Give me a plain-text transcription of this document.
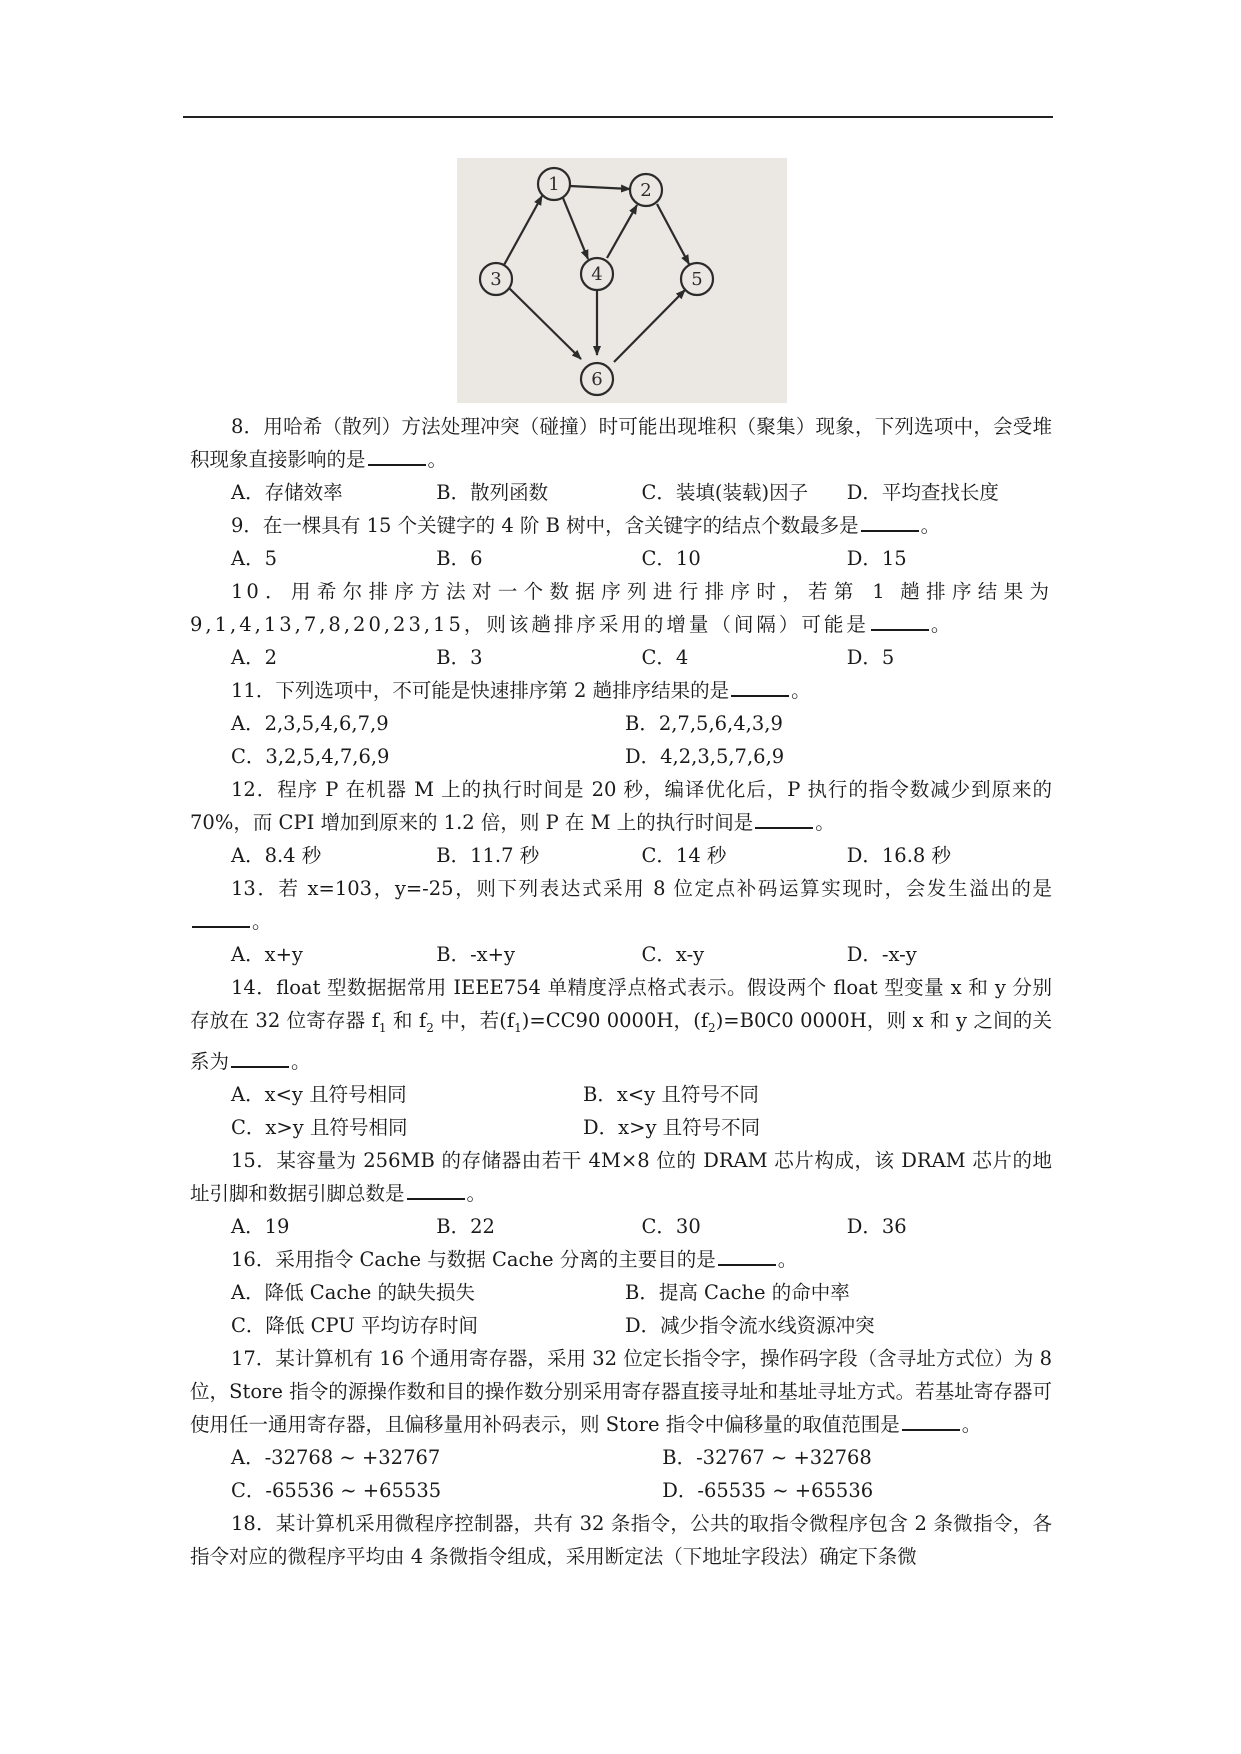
1	2
3	4	5
6

8．用哈希（散列）方法处理冲突（碰撞）时可能出现堆积（聚集）现象，下列选项中，会受堆积现象直接影响的是	。

A．存储效率	B．散列函数	C．装填(装载)因子	D．平均查找长度

9．在一棵具有 15 个关键字的 4 阶 B 树中，含关键字的结点个数最多是	。

A．5	B．6	C．10	D．15

10．用希尔排序方法对一个数据序列进行排序时，若第 1 趟排序结果为 9,1,4,13,7,8,20,23,15，则该趟排序采用的增量（间隔）可能是	。

A．2	B．3	C．4	D．5

11．下列选项中，不可能是快速排序第 2 趟排序结果的是	。

A．2,3,5,4,6,7,9	B．2,7,5,6,4,3,9
C．3,2,5,4,7,6,9	D．4,2,3,5,7,6,9

12．程序 P 在机器 M 上的执行时间是 20 秒，编译优化后，P 执行的指令数减少到原来的 70%，而 CPI 增加到原来的 1.2 倍，则 P 在 M 上的执行时间是	。

A．8.4 秒	B．11.7 秒	C．14 秒	D．16.8 秒

13．若 x=103，y=-25，则下列表达式采用 8 位定点补码运算实现时，会发生溢出的是。

A．x+y	B．-x+y	C．x-y	D．-x-y

14．float 型数据据常用 IEEE754 单精度浮点格式表示。假设两个 float 型变量 x 和 y 分别存放在 32 位寄存器 $f_1$ 和 $f_2$ 中，若$(f_1)=CC90$ 0000H，$(f_2)=B0C0$ 0000H，则 x 和 y 之间的关系为	。

A．x<y 且符号相同	B．x<y 且符号不同
C．x>y 且符号相同	D．x>y 且符号不同

15．某容量为 256MB 的存储器由若干 4M×8 位的 DRAM 芯片构成，该 DRAM 芯片的地址引脚和数据引脚总数是	。

A．19	B．22	C．30	D．36

16．采用指令 Cache 与数据 Cache 分离的主要目的是	。

A．降低 Cache 的缺失损失	B．提高 Cache 的命中率
C．降低 CPU 平均访存时间	D．减少指令流水线资源冲突

17．某计算机有 16 个通用寄存器，采用 32 位定长指令字，操作码字段（含寻址方式位）为 8 位，Store 指令的源操作数和目的操作数分别采用寄存器直接寻址和基址寻址方式。若基址寄存器可使用任一通用寄存器，且偏移量用补码表示，则 Store 指令中偏移量的取值范围是	。

A．-32768 ~ +32767	B．-32767 ~ +32768
C．-65536 ~ +65535	D．-65535 ~ +65536

18．某计算机采用微程序控制器，共有 32 条指令，公共的取指令微程序包含 2 条微指令，各指令对应的微程序平均由 4 条微指令组成，采用断定法（下地址字段法）确定下条微
